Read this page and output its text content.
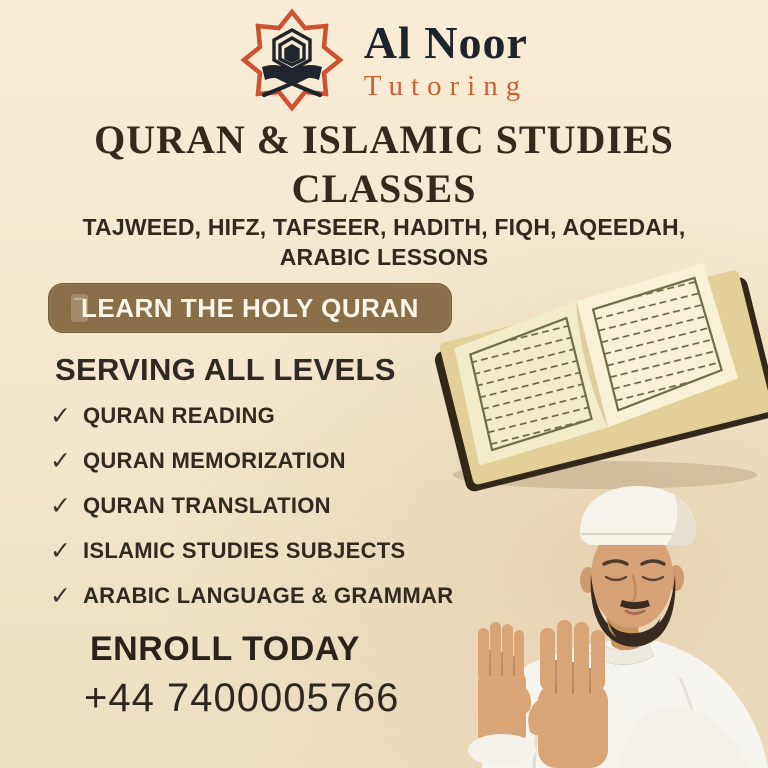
Al Noor
Tutoring
QURAN & ISLAMIC STUDIES
CLASSES
TAJWEED, HIFZ, TAFSEER, HADITH, FIQH, AQEEDAH,
ARABIC LESSONS
LEARN THE HOLY QURAN
SERVING ALL LEVELS
✓ QURAN READING
✓ QURAN MEMORIZATION
✓ QURAN TRANSLATION
✓ ISLAMIC STUDIES SUBJECTS
✓ ARABIC LANGUAGE & GRAMMAR
ENROLL TODAY
+44 7400005766
